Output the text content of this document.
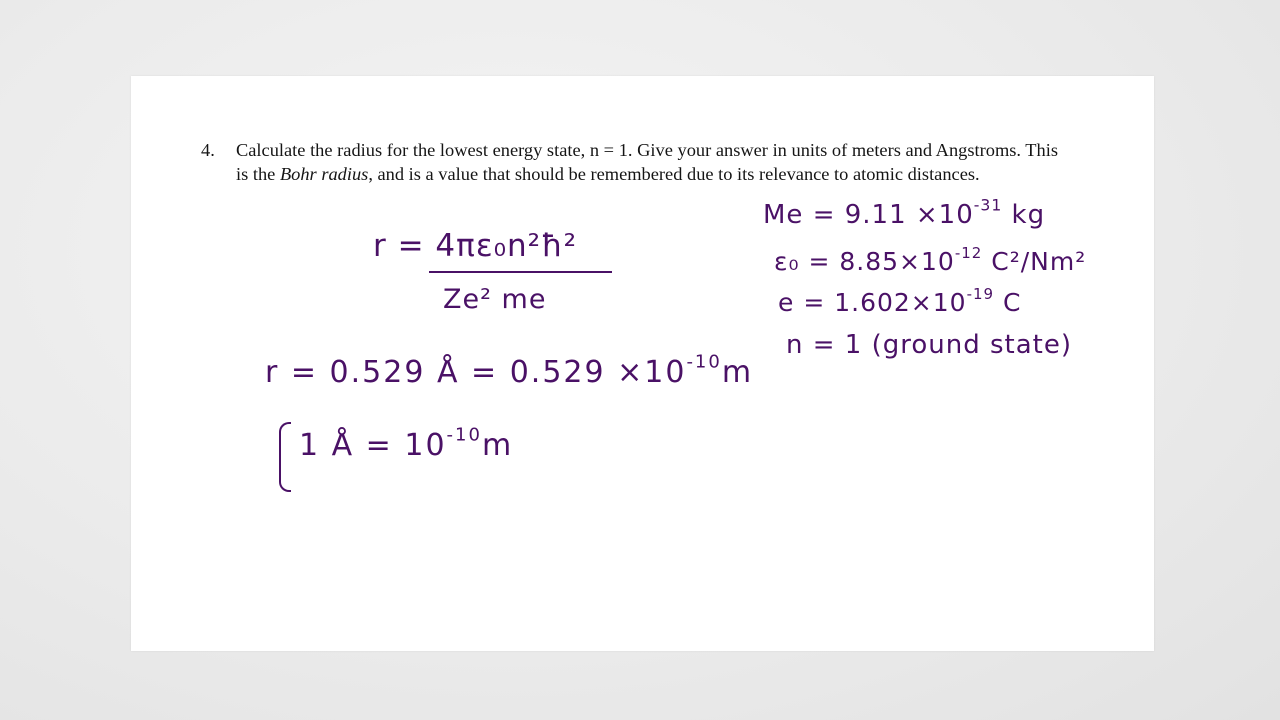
4. Calculate the radius for the lowest energy state, n = 1. Give your answer in units of meters and Angstroms. This is the Bohr radius, and is a value that should be remembered due to its relevance to atomic distances.
r = 4πε₀n²ħ²
Ze² me
r = 0.529 Å = $0.529 \times 10^{-10}m$
1 Å = $10^{-10}m$
$Me = 9.11 \times 10^{-31}$ kg
$\varepsilon_0 = 8.85\times 10^{-12}$ C²/Nm²
$e = 1.602\times 10^{-19}$ C
n = 1 (ground state)
